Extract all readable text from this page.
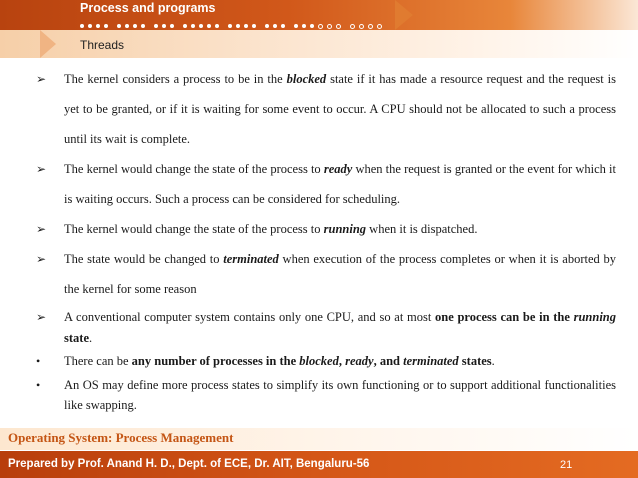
Process and programs
Threads
➢ The kernel considers a process to be in the blocked state if it has made a resource request and the request is yet to be granted, or if it is waiting for some event to occur. A CPU should not be allocated to such a process until its wait is complete.
➢ The kernel would change the state of the process to ready when the request is granted or the event for which it is waiting occurs. Such a process can be considered for scheduling.
➢ The kernel would change the state of the process to running when it is dispatched.
➢ The state would be changed to terminated when execution of the process completes or when it is aborted by the kernel for some reason
➢ A conventional computer system contains only one CPU, and so at most one process can be in the running state.
• There can be any number of processes in the blocked, ready, and terminated states.
• An OS may define more process states to simplify its own functioning or to support additional functionalities like swapping.
Operating System: Process Management
Prepared by Prof. Anand H. D., Dept. of ECE, Dr. AIT, Bengaluru-56	21
